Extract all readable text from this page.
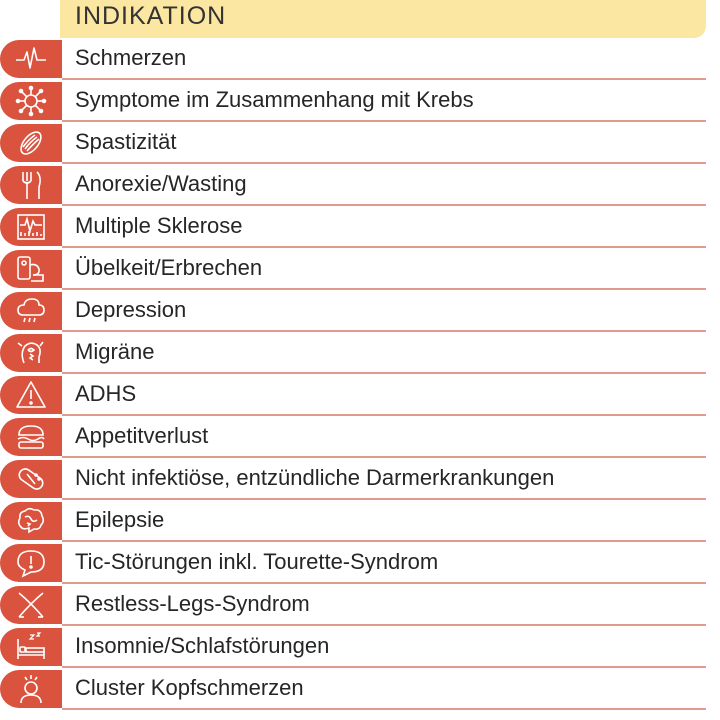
INDIKATION
Schmerzen
Symptome im Zusammenhang mit Krebs
Spastizität
Anorexie/Wasting
Multiple Sklerose
Übelkeit/Erbrechen
Depression
Migräne
ADHS
Appetitverlust
Nicht infektiöse, entzündliche Darmerkrankungen
Epilepsie
Tic-Störungen inkl. Tourette-Syndrom
Restless-Legs-Syndrom
Insomnie/Schlafstörungen
Cluster Kopfschmerzen
